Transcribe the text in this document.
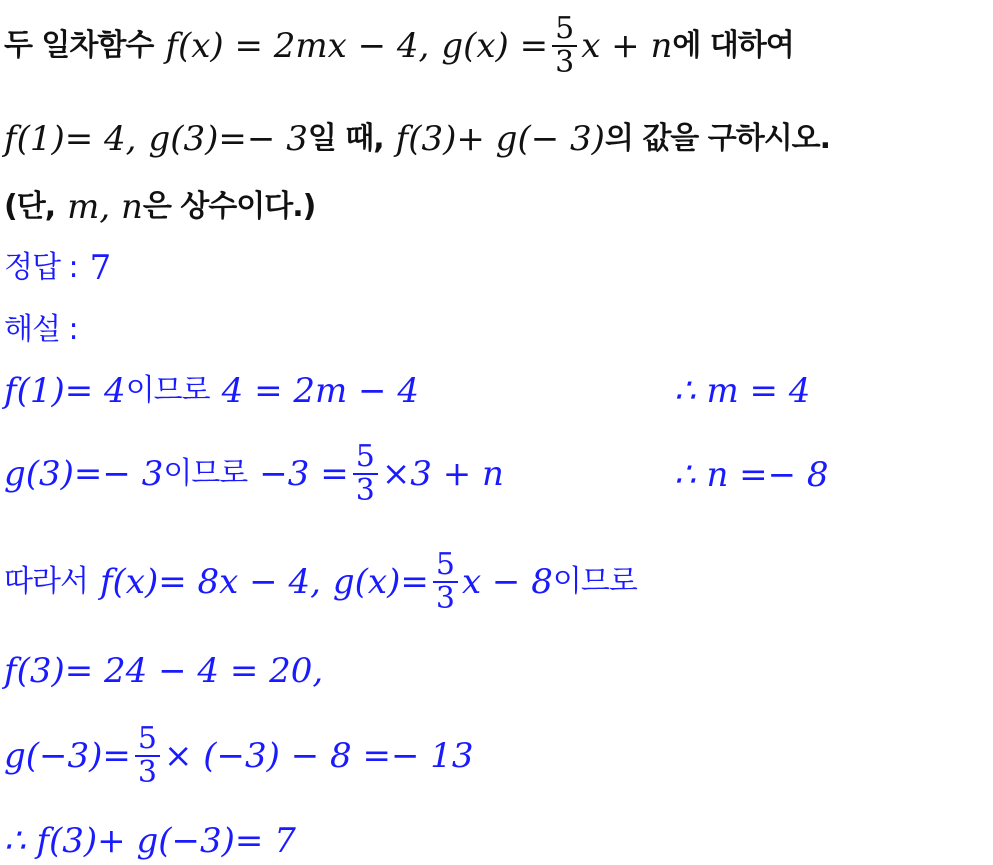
두 일차함수 f(x) = 2mx − 4, $g(x) = \frac{5}{3}$ x + n 에 대하여
f(1)= 4, g(3)=− 3 일 때, f(3)+ g(− 3) 의 값을 구하시오.
(단, m, n 은 상수이다.)
정답 : 7
해설 :
f(1)= 4 이므로 4 = 2m − 4	∴ m = 4
g(3)=− 3 이므로 $-3 = \frac{5}{3} \times 3 + n$	∴ n =− 8
따라서 f(x)= 8x − 4, $g(x)= \frac{5}{3}$ x − 8 이므로
f(3)= 24 − 4 = 20,
$g(-3)= \frac{5}{3} \times (-3) - 8 =- 13$
∴ f(3)+ g(−3)= 7
